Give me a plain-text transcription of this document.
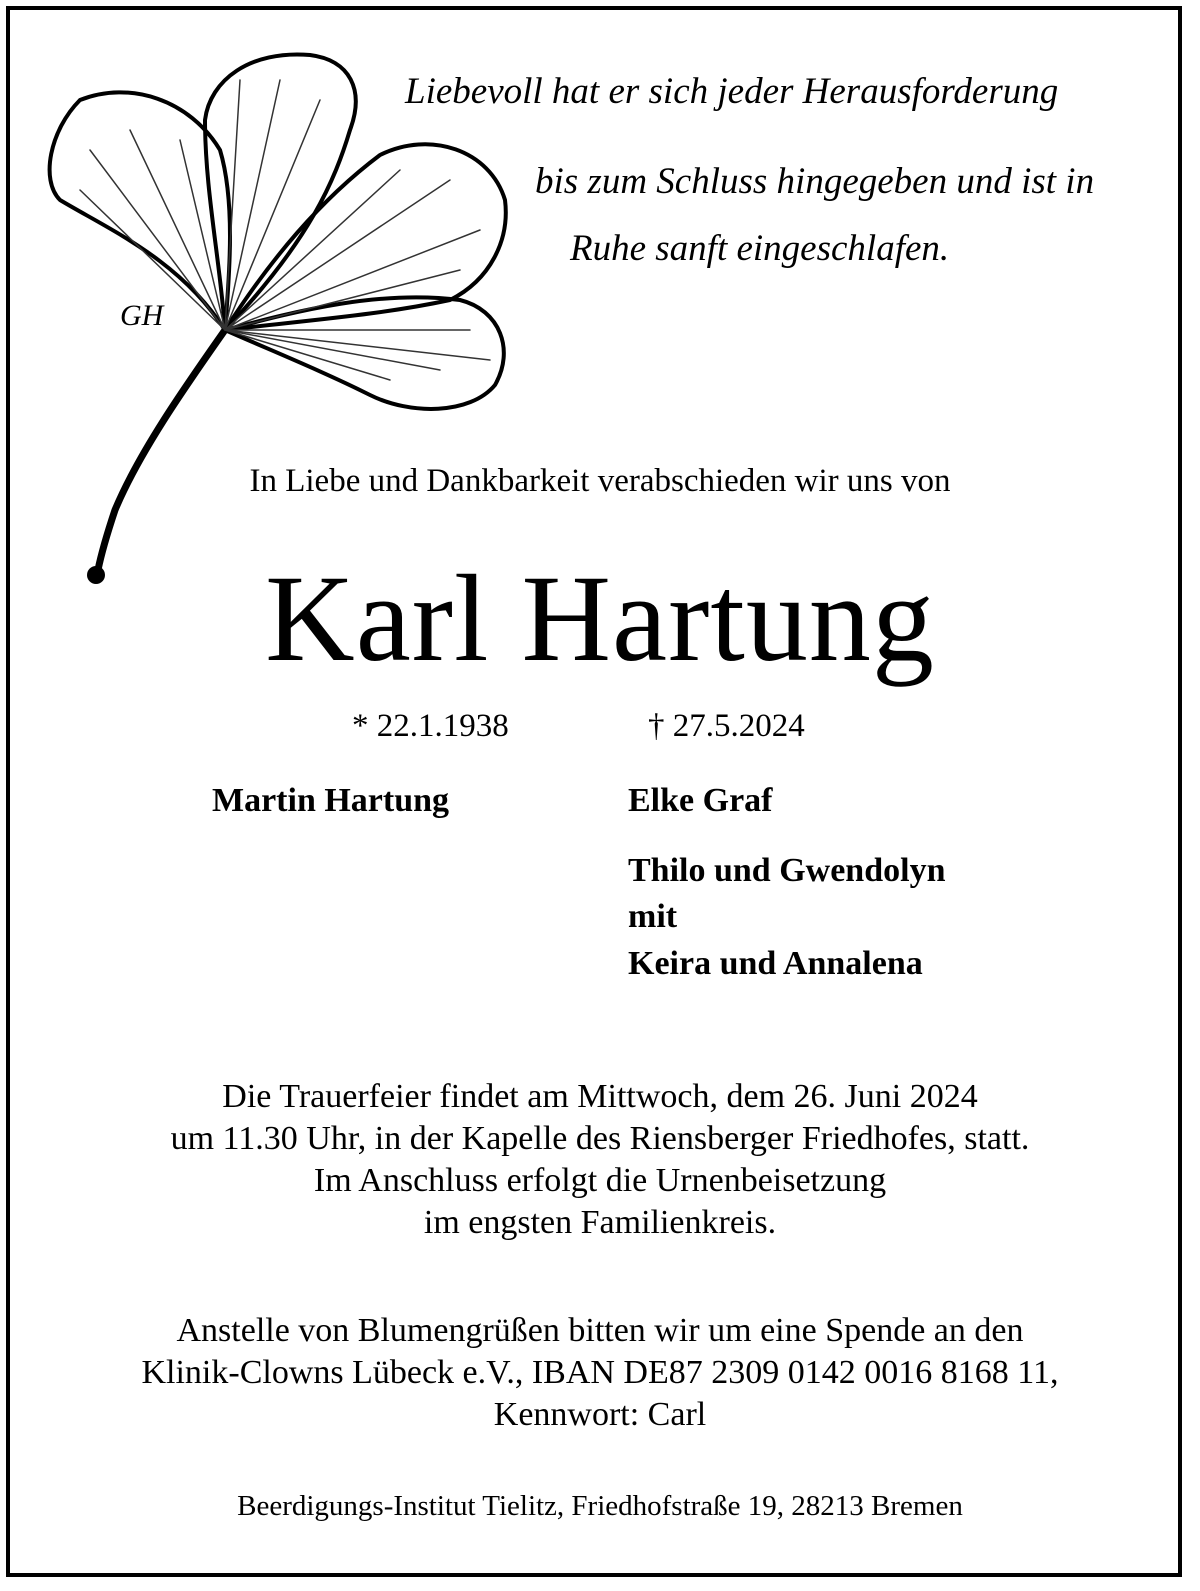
GH
Liebevoll hat er sich jeder Herausforderung
bis zum Schluss hingegeben und ist in
Ruhe sanft eingeschlafen.
In Liebe und Dankbarkeit verabschieden wir uns von
Karl Hartung
* 22.1.1938	† 27.5.2024
Martin Hartung	Elke Graf
Thilo und Gwendolyn
mit
Keira und Annalena
Die Trauerfeier findet am Mittwoch, dem 26. Juni 2024
um 11.30 Uhr, in der Kapelle des Riensberger Friedhofes, statt.
Im Anschluss erfolgt die Urnenbeisetzung
im engsten Familienkreis.
Anstelle von Blumengrüßen bitten wir um eine Spende an den
Klinik-Clowns Lübeck e.V., IBAN DE87 2309 0142 0016 8168 11,
Kennwort: Carl
Beerdigungs-Institut Tielitz, Friedhofstraße 19, 28213 Bremen
